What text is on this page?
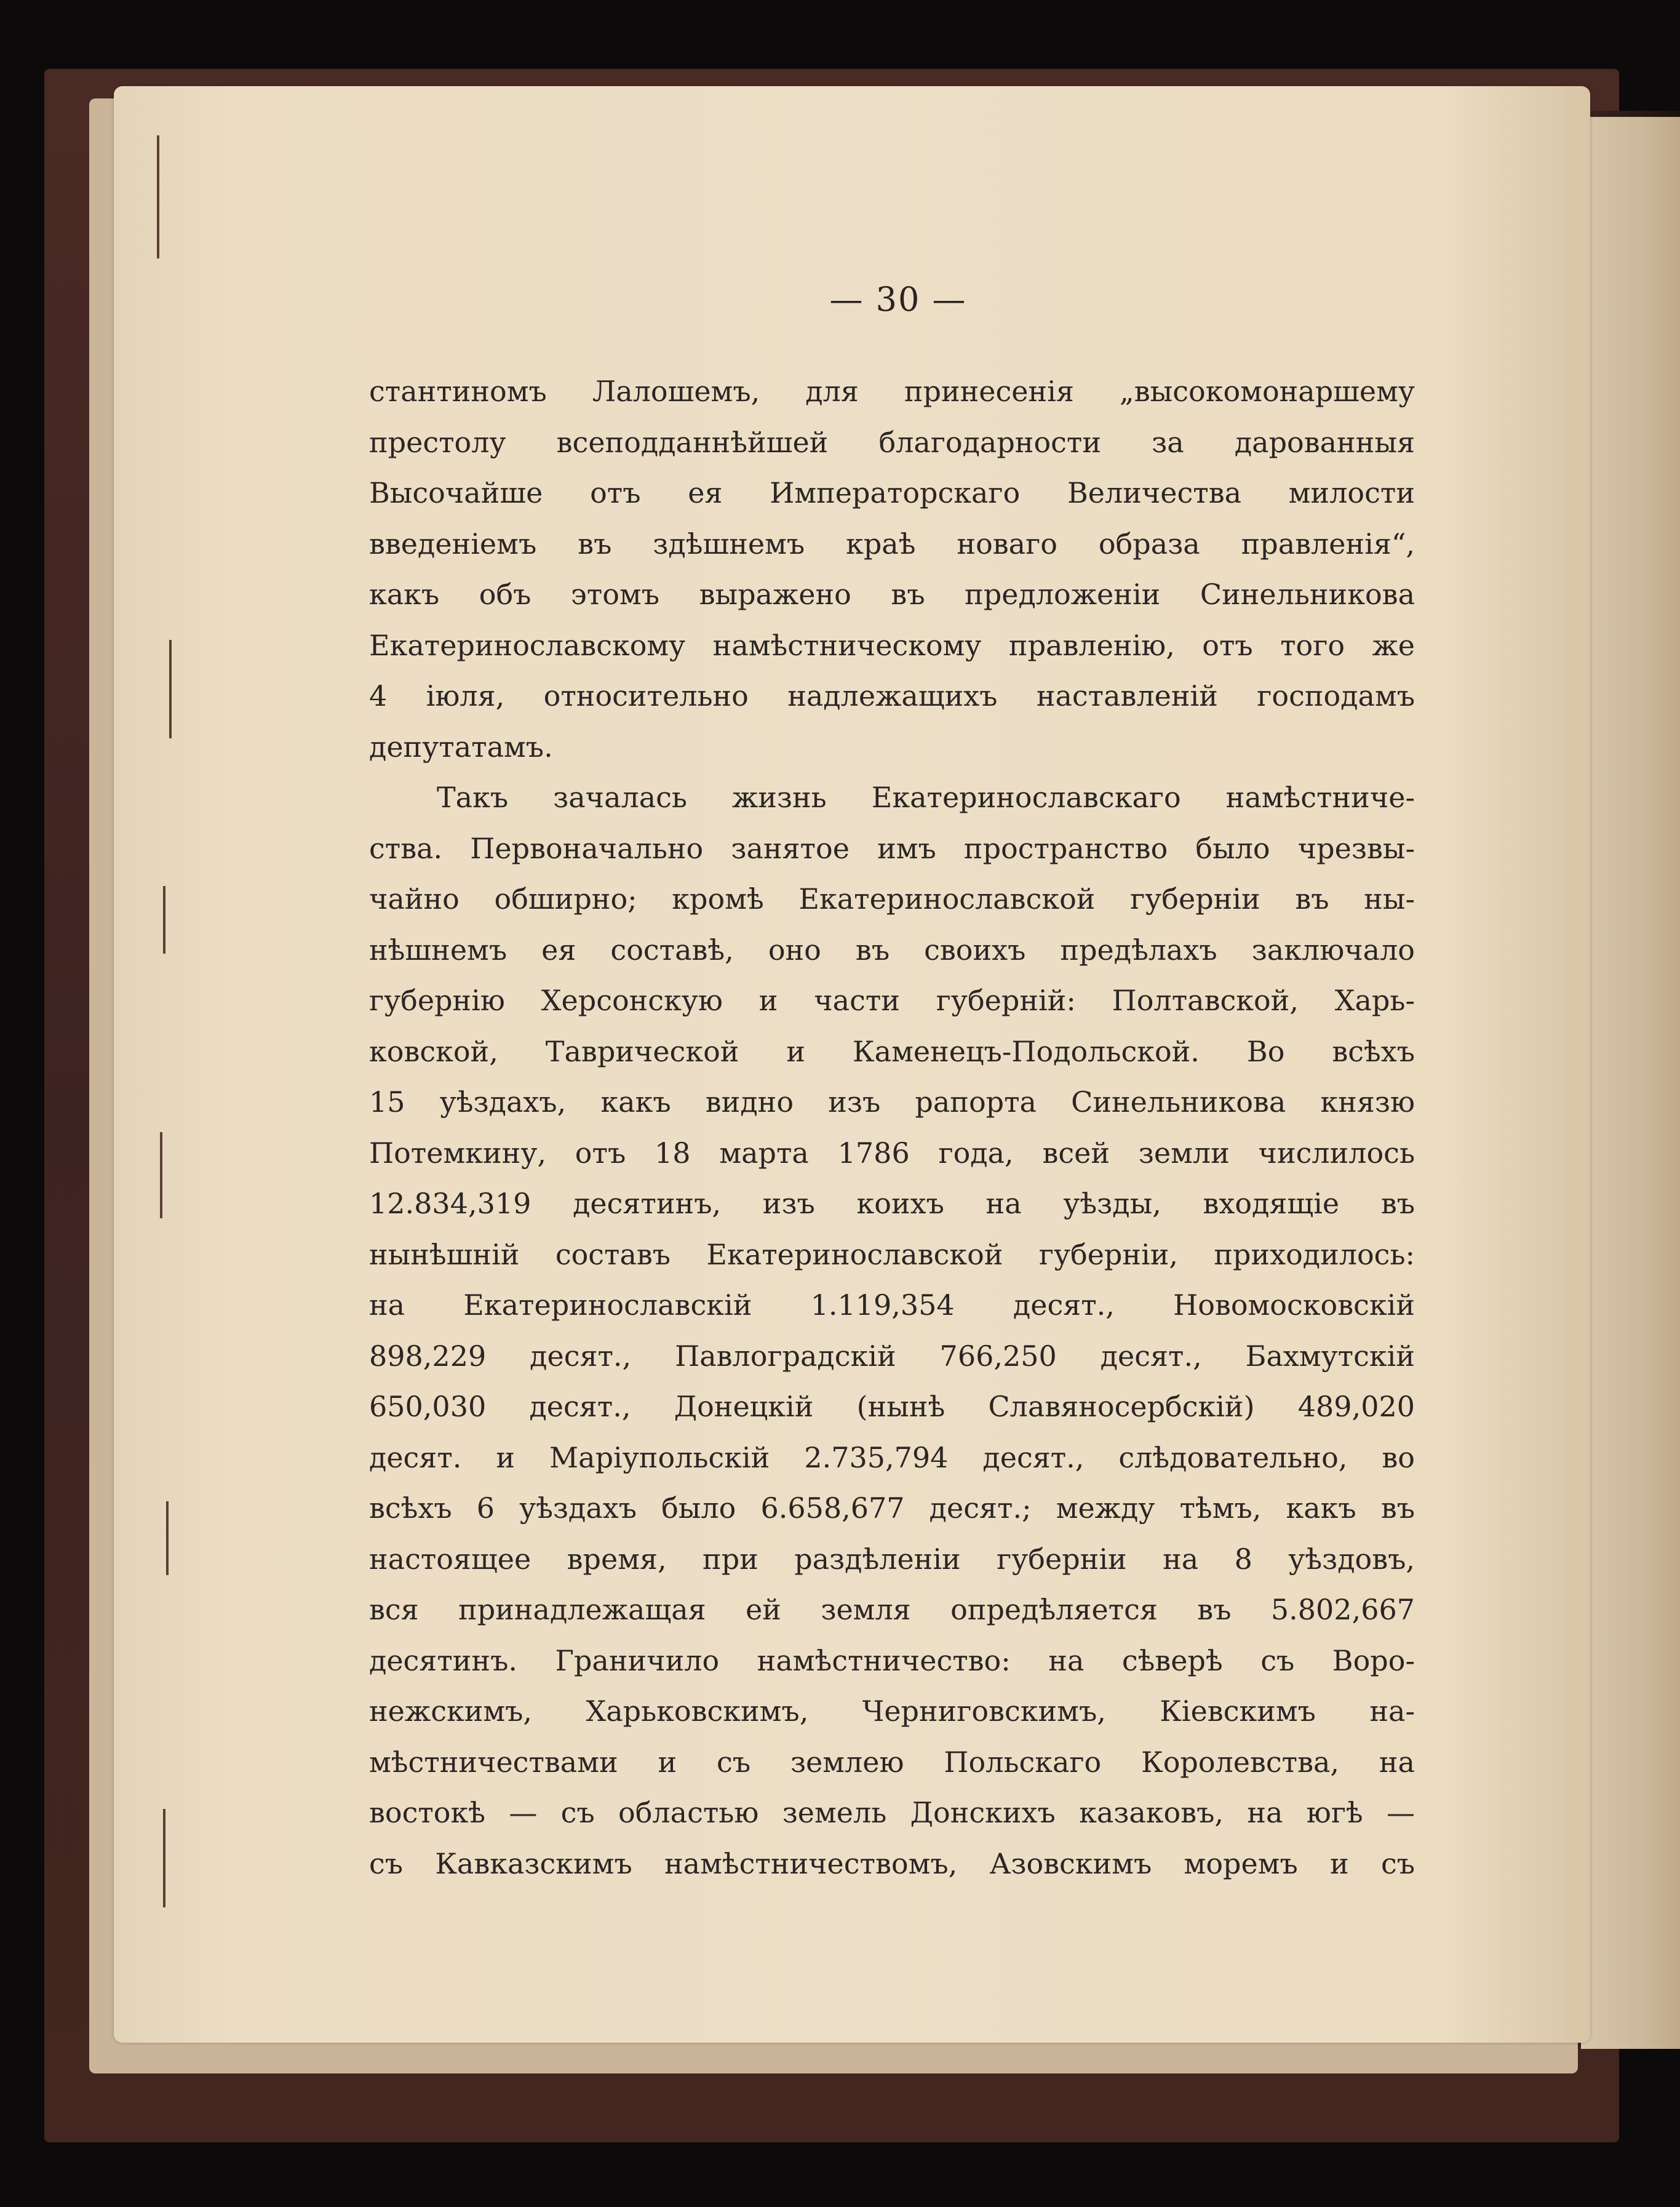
— 30 —
стантиномъ Лалошемъ, для принесенія „высокомонаршему
престолу всеподданнѣйшей благодарности за дарованныя
Высочайше отъ ея Императорскаго Величества милости
введеніемъ въ здѣшнемъ краѣ новаго образа правленія“,
какъ объ этомъ выражено въ предложеніи Синельникова
Екатеринославскому намѣстническому правленію, отъ того же
4 іюля, относительно надлежащихъ наставленій господамъ
депутатамъ.
Такъ зачалась жизнь Екатеринославскаго намѣстниче-
ства. Первоначально занятое имъ пространство было чрезвы-
чайно обширно; кромѣ Екатеринославской губерніи въ ны-
нѣшнемъ ея составѣ, оно въ своихъ предѣлахъ заключало
губернію Херсонскую и части губерній: Полтавской, Харь-
ковской, Таврической и Каменецъ-Подольской. Во всѣхъ
15 уѣздахъ, какъ видно изъ рапорта Синельникова князю
Потемкину, отъ 18 марта 1786 года, всей земли числилось
12.834,319 десятинъ, изъ коихъ на уѣзды, входящіе въ
нынѣшній составъ Екатеринославской губерніи, приходилось:
на Екатеринославскій 1.119,354 десят., Новомосковскій
898,229 десят., Павлоградскій 766,250 десят., Бахмутскій
650,030 десят., Донецкій (нынѣ Славяносербскій) 489,020
десят. и Маріупольскій 2.735,794 десят., слѣдовательно, во
всѣхъ 6 уѣздахъ было 6.658,677 десят.; между тѣмъ, какъ въ
настоящее время, при раздѣленіи губерніи на 8 уѣздовъ,
вся принадлежащая ей земля опредѣляется въ 5.802,667
десятинъ. Граничило намѣстничество: на сѣверѣ съ Воро-
нежскимъ, Харьковскимъ, Черниговскимъ, Кіевскимъ на-
мѣстничествами и съ землею Польскаго Королевства, на
востокѣ — съ областью земель Донскихъ казаковъ, на югѣ —
съ Кавказскимъ намѣстничествомъ, Азовскимъ моремъ и съ
